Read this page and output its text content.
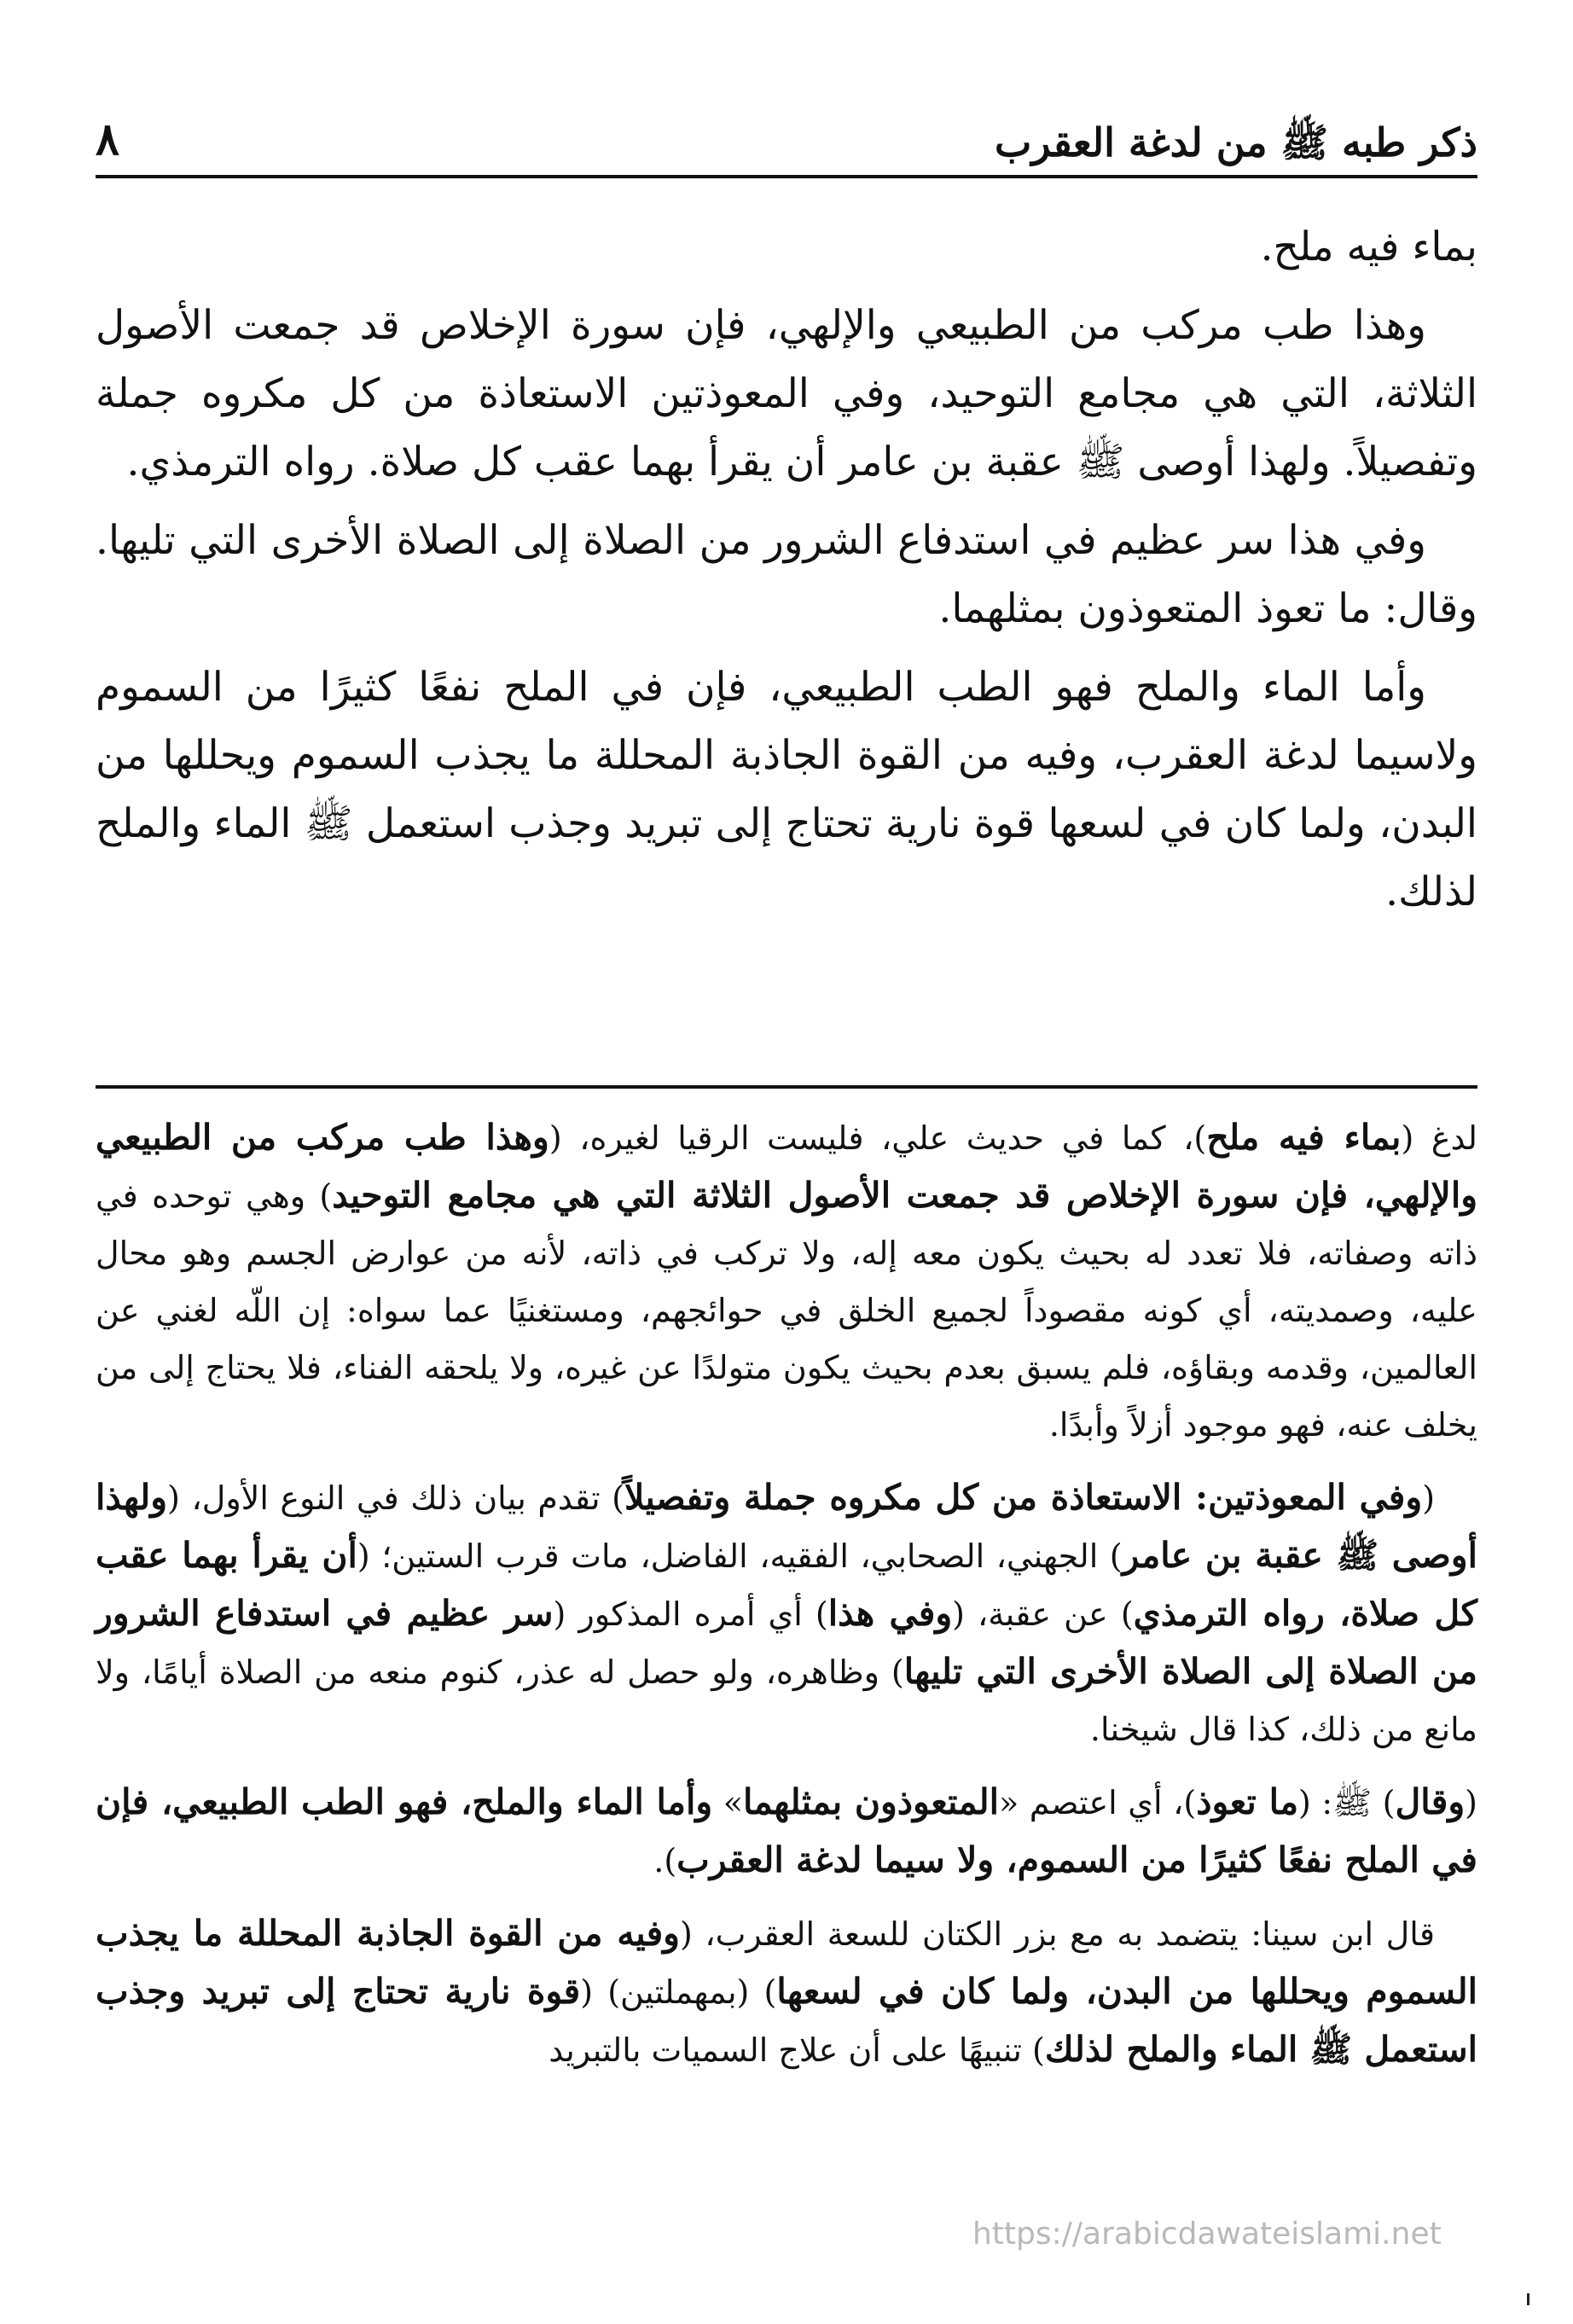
ذكر طبه ﷺ من لدغة العقرب
٨

بماء فيه ملح.

وهذا طب مركب من الطبيعي والإلهي، فإن سورة الإخلاص قد جمعت الأصول الثلاثة، التي هي مجامع التوحيد، وفي المعوذتين الاستعاذة من كل مكروه جملة وتفصيلاً. ولهذا أوصى ﷺ عقبة بن عامر أن يقرأ بهما عقب كل صلاة. رواه الترمذي.

وفي هذا سر عظيم في استدفاع الشرور من الصلاة إلى الصلاة الأخرى التي تليها. وقال: ما تعوذ المتعوذون بمثلهما.

وأما الماء والملح فهو الطب الطبيعي، فإن في الملح نفعًا كثيرًا من السموم ولاسيما لدغة العقرب، وفيه من القوة الجاذبة المحللة ما يجذب السموم ويحللها من البدن، ولما كان في لسعها قوة نارية تحتاج إلى تبريد وجذب استعمل ﷺ الماء والملح لذلك.

لدغ (بماء فيه ملح)، كما في حديث علي، فليست الرقيا لغيره، (وهذا طب مركب من الطبيعي والإلهي، فإن سورة الإخلاص قد جمعت الأصول الثلاثة التي هي مجامع التوحيد) وهي توحده في ذاته وصفاته، فلا تعدد له بحيث يكون معه إله، ولا تركب في ذاته، لأنه من عوارض الجسم وهو محال عليه، وصمديته، أي كونه مقصوداً لجميع الخلق في حوائجهم، ومستغنيًا عما سواه: إن اللّه لغني عن العالمين، وقدمه وبقاؤه، فلم يسبق بعدم بحيث يكون متولدًا عن غيره، ولا يلحقه الفناء، فلا يحتاج إلى من يخلف عنه، فهو موجود أزلاً وأبدًا.

(وفي المعوذتين: الاستعاذة من كل مكروه جملة وتفصيلاً) تقدم بيان ذلك في النوع الأول، (ولهذا أوصى ﷺ عقبة بن عامر) الجهني، الصحابي، الفقيه، الفاضل، مات قرب الستين؛ (أن يقرأ بهما عقب كل صلاة، رواه الترمذي) عن عقبة، (وفي هذا) أي أمره المذكور (سر عظيم في استدفاع الشرور من الصلاة إلى الصلاة الأخرى التي تليها) وظاهره، ولو حصل له عذر، كنوم منعه من الصلاة أيامًا، ولا مانع من ذلك، كذا قال شيخنا.

(وقال) ﷺ: (ما تعوذ)، أي اعتصم «المتعوذون بمثلهما» وأما الماء والملح، فهو الطب الطبيعي، فإن في الملح نفعًا كثيرًا من السموم، ولا سيما لدغة العقرب).

قال ابن سينا: يتضمد به مع بزر الكتان للسعة العقرب، (وفيه من القوة الجاذبة المحللة ما يجذب السموم ويحللها من البدن، ولما كان في لسعها) (بمهملتين) (قوة نارية تحتاج إلى تبريد وجذب استعمل ﷺ الماء والملح لذلك) تنبيهًا على أن علاج السميات بالتبريد

https://arabicdawateislami.net
